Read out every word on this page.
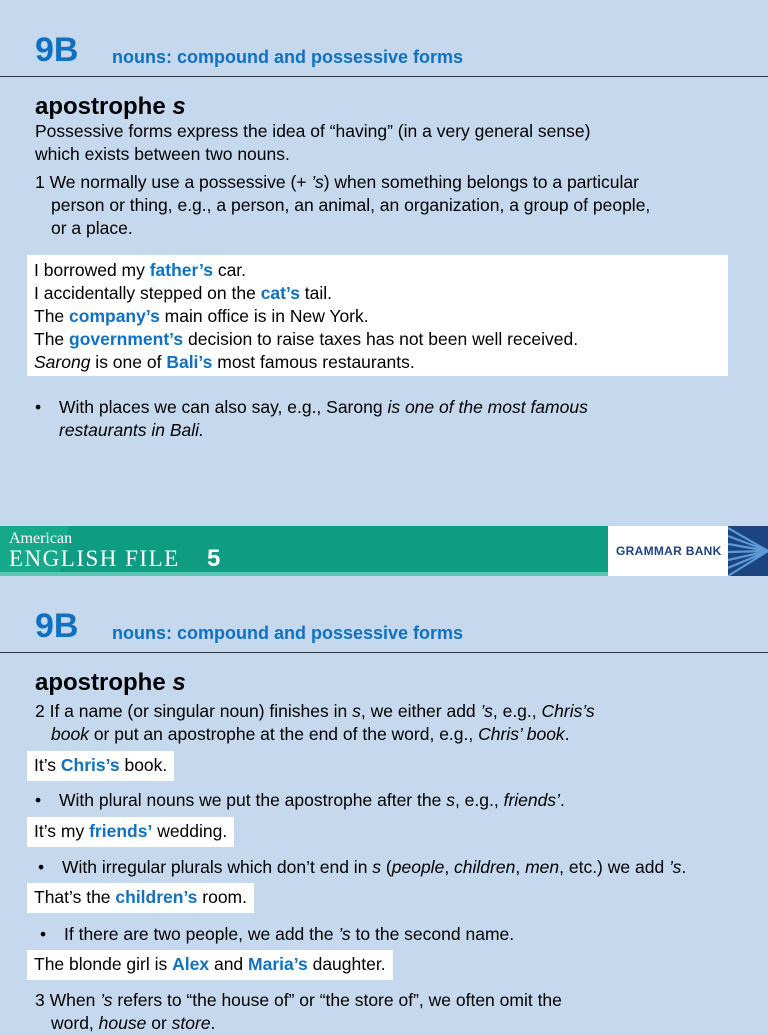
9B nouns: compound and possessive forms
apostrophe s
Possessive forms express the idea of “having” (in a very general sense)
which exists between two nouns.
1 We normally use a possessive (+ ’s) when something belongs to a particular
person or thing, e.g., a person, an animal, an organization, a group of people,
or a place.
I borrowed my father’s car.
I accidentally stepped on the cat’s tail.
The company’s main office is in New York.
The government’s decision to raise taxes has not been well received.
Sarong is one of Bali’s most famous restaurants.
• With places we can also say, e.g., Sarong is one of the most famous
restaurants in Bali.
American
ENGLISH FILE 5	GRAMMAR BANK
9B nouns: compound and possessive forms
apostrophe s
2 If a name (or singular noun) finishes in s, we either add ’s, e.g., Chris’s
book or put an apostrophe at the end of the word, e.g., Chris’ book.
It’s Chris’s book.
• With plural nouns we put the apostrophe after the s, e.g., friends’.
It’s my friends’ wedding.
• With irregular plurals which don’t end in s (people, children, men, etc.) we add ’s.
That’s the children’s room.
• If there are two people, we add the ’s to the second name.
The blonde girl is Alex and Maria’s daughter.
3 When ’s refers to “the house of” or “the store of”, we often omit the
word, house or store.
